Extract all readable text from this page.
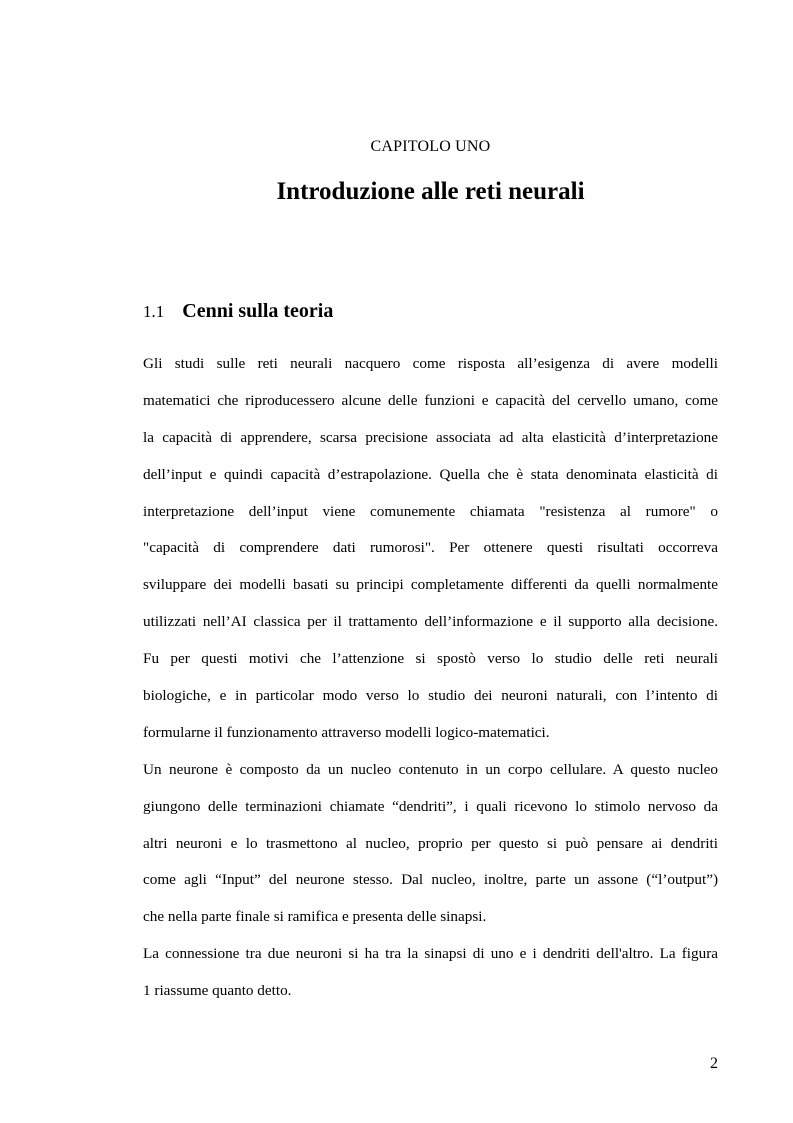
CAPITOLO UNO
Introduzione alle reti neurali
1.1 Cenni sulla teoria

Gli studi sulle reti neurali nacquero come risposta all’esigenza di avere modelli
matematici che riproducessero alcune delle funzioni e capacità del cervello umano, come
la capacità di apprendere, scarsa precisione associata ad alta elasticità d’interpretazione
dell’input e quindi capacità d’estrapolazione. Quella che è stata denominata elasticità di
interpretazione dell’input viene comunemente chiamata "resistenza al rumore" o
"capacità di comprendere dati rumorosi". Per ottenere questi risultati occorreva
sviluppare dei modelli basati su principi completamente differenti da quelli normalmente
utilizzati nell’AI classica per il trattamento dell’informazione e il supporto alla decisione.
Fu per questi motivi che l’attenzione si spostò verso lo studio delle reti neurali
biologiche, e in particolar modo verso lo studio dei neuroni naturali, con l’intento di
formularne il funzionamento attraverso modelli logico-matematici.

Un neurone è composto da un nucleo contenuto in un corpo cellulare. A questo nucleo
giungono delle terminazioni chiamate “dendriti”, i quali ricevono lo stimolo nervoso da
altri neuroni e lo trasmettono al nucleo, proprio per questo si può pensare ai dendriti
come agli “Input” del neurone stesso. Dal nucleo, inoltre, parte un assone (“l’output”)
che nella parte finale si ramifica e presenta delle sinapsi.

La connessione tra due neuroni si ha tra la sinapsi di uno e i dendriti dell'altro. La figura
1 riassume quanto detto.

2
